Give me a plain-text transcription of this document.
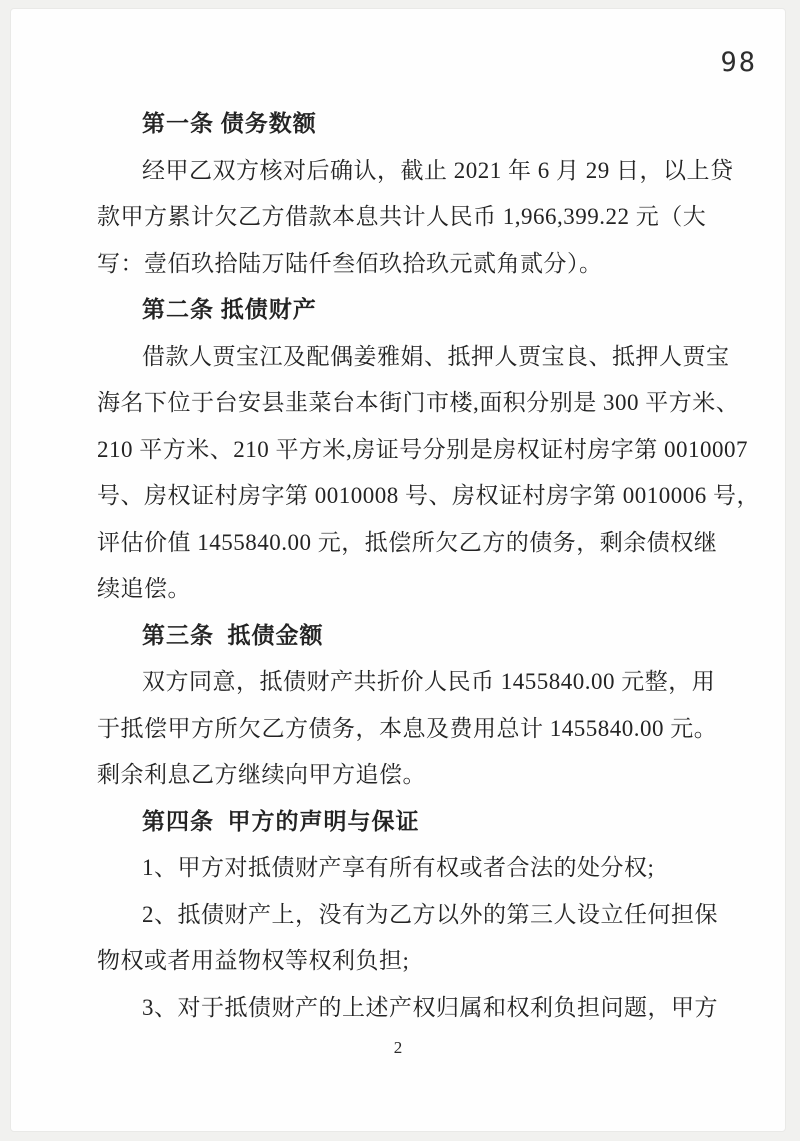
98
第一条 债务数额
经甲乙双方核对后确认，截止 2021 年 6 月 29 日，以上贷
款甲方累计欠乙方借款本息共计人民币 1,966,399.22 元（大
写：壹佰玖拾陆万陆仟叁佰玖拾玖元贰角贰分）。
第二条 抵债财产
借款人贾宝江及配偶姜雅娟、抵押人贾宝良、抵押人贾宝
海名下位于台安县韭菜台本街门市楼,面积分别是 300 平方米、
210 平方米、210 平方米,房证号分别是房权证村房字第 0010007
号、房权证村房字第 0010008 号、房权证村房字第 0010006 号，
评估价值 1455840.00 元，抵偿所欠乙方的债务，剩余债权继
续追偿。
第三条  抵债金额
双方同意，抵债财产共折价人民币 1455840.00 元整，用
于抵偿甲方所欠乙方债务，本息及费用总计 1455840.00 元。
剩余利息乙方继续向甲方追偿。
第四条  甲方的声明与保证
1、甲方对抵债财产享有所有权或者合法的处分权;
2、抵债财产上，没有为乙方以外的第三人设立任何担保
物权或者用益物权等权利负担;
3、对于抵债财产的上述产权归属和权利负担问题，甲方
2
